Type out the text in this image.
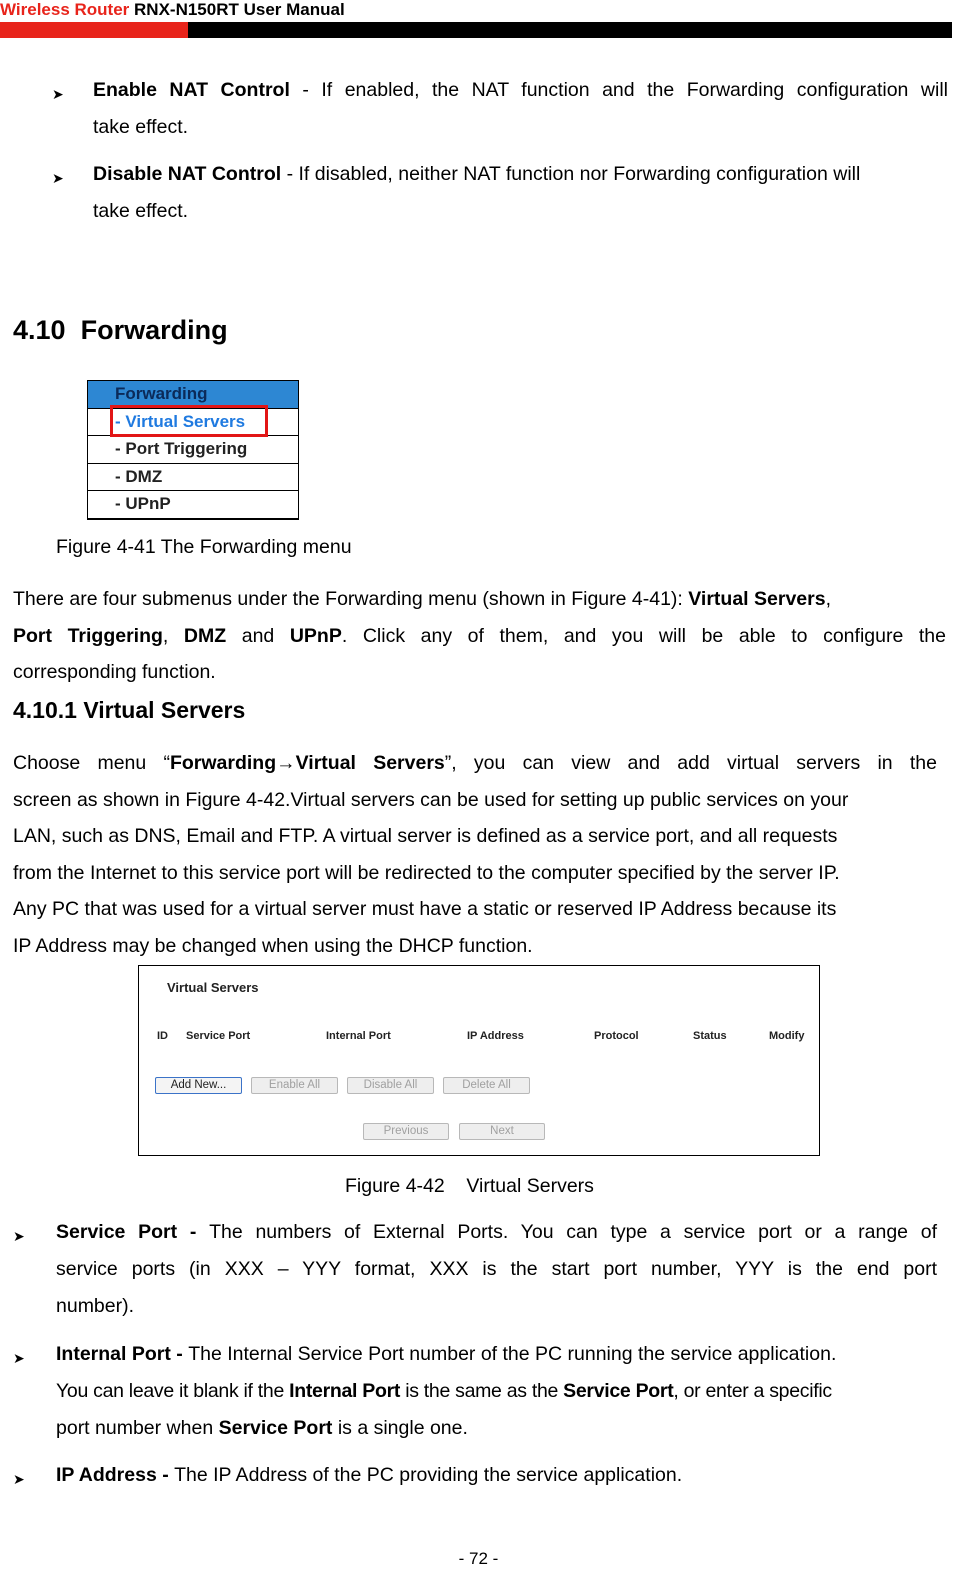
Wireless Router RNX-N150RT User Manual
➤ Enable NAT Control - If enabled, the NAT function and the Forwarding configuration will
take effect.
➤ Disable NAT Control - If disabled, neither NAT function nor Forwarding configuration will
take effect.
4.10 Forwarding
Forwarding
- Virtual Servers
- Port Triggering
- DMZ
- UPnP
Figure 4-41 The Forwarding menu
There are four submenus under the Forwarding menu (shown in Figure 4-41): Virtual Servers,
Port Triggering, DMZ and UPnP. Click any of them, and you will be able to configure the
corresponding function.
4.10.1 Virtual Servers
Choose menu “Forwarding→Virtual Servers”, you can view and add virtual servers in the
screen as shown in Figure 4-42.Virtual servers can be used for setting up public services on your
LAN, such as DNS, Email and FTP. A virtual server is defined as a service port, and all requests
from the Internet to this service port will be redirected to the computer specified by the server IP.
Any PC that was used for a virtual server must have a static or reserved IP Address because its
IP Address may be changed when using the DHCP function.
Virtual Servers
ID Service Port	Internal Port	IP Address	Protocol	Status	Modify
Add New...	Enable All	Disable All	Delete All
Previous	Next
Figure 4-42    Virtual Servers
➤ Service Port - The numbers of External Ports. You can type a service port or a range of
service ports (in XXX – YYY format, XXX is the start port number, YYY is the end port
number).
➤ Internal Port - The Internal Service Port number of the PC running the service application.
You can leave it blank if the Internal Port is the same as the Service Port, or enter a specific
port number when Service Port is a single one.
➤ IP Address - The IP Address of the PC providing the service application.
- 72 -
